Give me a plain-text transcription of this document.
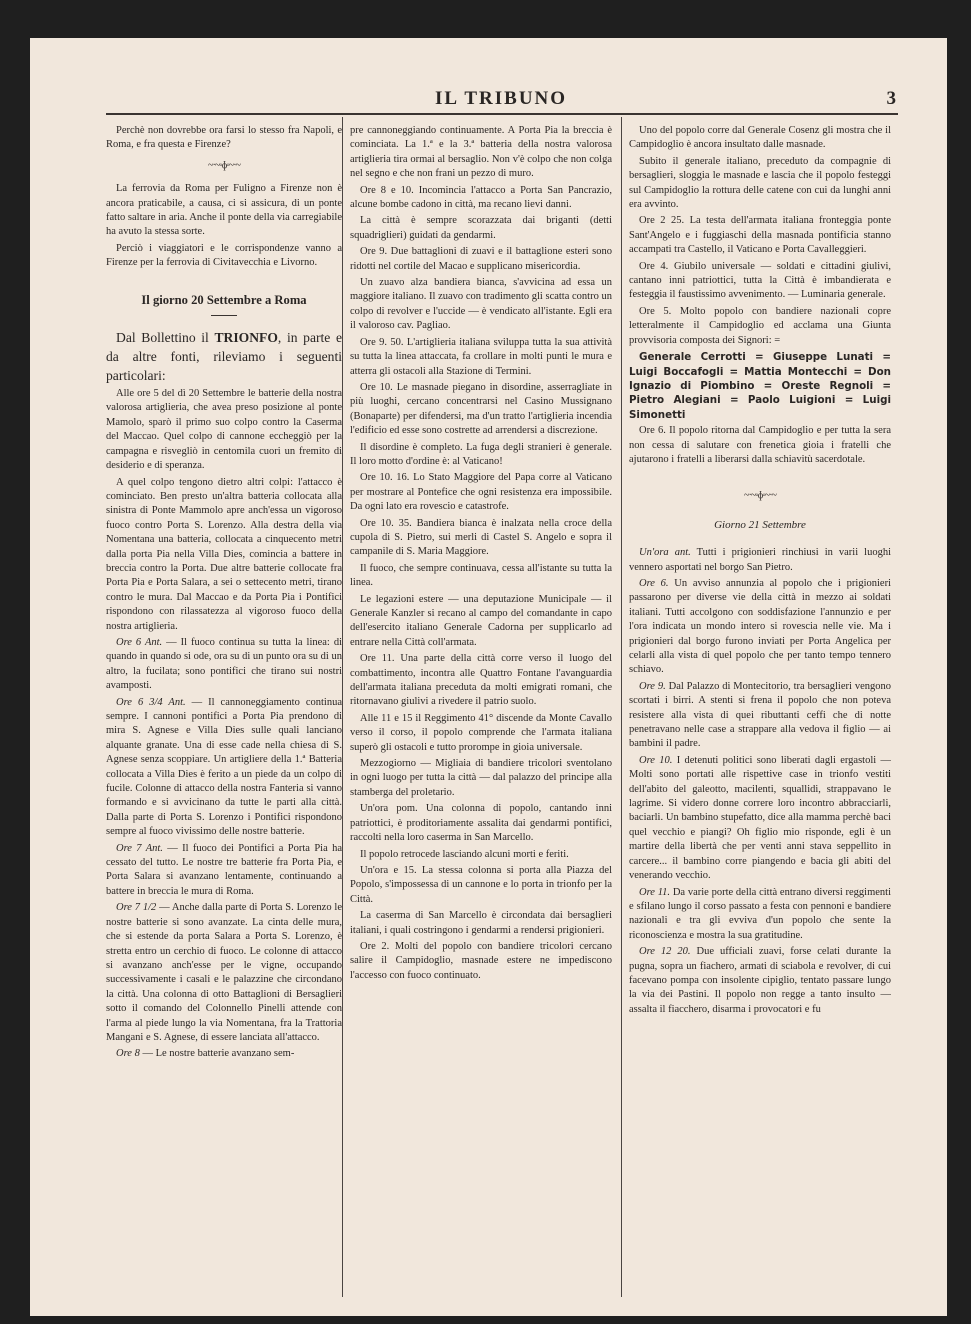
IL TRIBUNO	3

Perchè non dovrebbe ora farsi lo stesso fra Napoli, e Roma, e fra questa e Firenze?

~·~◦ɸ◦~·~

La ferrovia da Roma per Fuligno a Firenze non è ancora praticabile, a causa, ci si assicura, di un ponte fatto saltare in aria. Anche il ponte della via carregiabile ha avuto la stessa sorte.

Perciò i viaggiatori e le corrispondenze vanno a Firenze per la ferrovia di Civitavecchia e Livorno.

Il giorno 20 Settembre a Roma

Dal Bollettino il TRIONFO, in parte e da altre fonti, rileviamo i seguenti particolari:

Alle ore 5 del dì 20 Settembre le batterie della nostra valorosa artiglieria, che avea preso posizione al ponte Mamolo, sparò il primo suo colpo contro la Caserma del Maccao. Quel colpo di cannone eccheggiò per la campagna e risvegliò in centomila cuori un fremito di desiderio e di speranza.

A quel colpo tengono dietro altri colpi: l'attacco è cominciato. Ben presto un'altra batteria collocata alla sinistra di Ponte Mammolo apre anch'essa un vigoroso fuoco contro Porta S. Lorenzo. Alla destra della via Nomentana una batteria, collocata a cinquecento metri dalla porta Pia nella Villa Dies, comincia a battere in breccia contro la Porta. Due altre batterie collocate fra Porta Pia e Porta Salara, a sei o settecento metri, tirano contro le mura. Dal Maccao e da Porta Pia i Pontifici rispondono con rilassatezza al vigoroso fuoco della nostra artiglieria.

Ore 6 Ant. — Il fuoco continua su tutta la linea: di quando in quando si ode, ora su di un punto ora su di un altro, la fucilata; sono pontifici che tirano sui nostri avamposti.

Ore 6 3/4 Ant. — Il cannoneggiamento continua sempre. I cannoni pontifici a Porta Pia prendono di mira S. Agnese e Villa Dies sulle quali lanciano alquante granate. Una di esse cade nella chiesa di S. Agnese senza scoppiare. Un artigliere della 1.ª Batteria collocata a Villa Dies è ferito a un piede da un colpo di fucile. Colonne di attacco della nostra Fanteria si vanno formando e si avvicinano da tutte le parti alla città. Dalla parte di Porta S. Lorenzo i Pontifici rispondono sempre al fuoco vivissimo delle nostre batterie.

Ore 7 Ant. — Il fuoco dei Pontifici a Porta Pia ha cessato del tutto. Le nostre tre batterie fra Porta Pia, e Porta Salara si avanzano lentamente, continuando a battere in breccia le mura di Roma.

Ore 7 1/2 — Anche dalla parte di Porta S. Lorenzo le nostre batterie si sono avanzate. La cinta delle mura, che si estende da porta Salara a Porta S. Lorenzo, è stretta entro un cerchio di fuoco. Le colonne di attacco si avanzano anch'esse per le vigne, occupando successivamente i casali e le palazzine che circondano la città. Una colonna di otto Battaglioni di Bersaglieri sotto il comando del Colonnello Pinelli attende con l'arma al piede lungo la via Nomentana, fra la Trattoria Mangani e S. Agnese, di essere lanciata all'attacco.

Ore 8 — Le nostre batterie avanzano sem-

pre cannoneggiando continuamente. A Porta Pia la breccia è cominciata. La 1.ª e la 3.ª batteria della nostra valorosa artiglieria tira ormai al bersaglio. Non v'è colpo che non colga nel segno e che non frani un pezzo di muro.

Ore 8 e 10. Incomincia l'attacco a Porta San Pancrazio, alcune bombe cadono in città, ma recano lievi danni.

La città è sempre scorazzata dai briganti (detti squadriglieri) guidati da gendarmi.

Ore 9. Due battaglioni di zuavi e il battaglione esteri sono ridotti nel cortile del Macao e supplicano misericordia.

Un zuavo alza bandiera bianca, s'avvicina ad essa un maggiore italiano. Il zuavo con tradimento gli scatta contro un colpo di revolver e l'uccide — è vendicato all'istante. Egli era il valoroso cav. Pagliao.

Ore 9. 50. L'artiglieria italiana sviluppa tutta la sua attività su tutta la linea attaccata, fa crollare in molti punti le mura e atterra gli ostacoli alla Stazione di Termini.

Ore 10. Le masnade piegano in disordine, asserragliate in più luoghi, cercano concentrarsi nel Casino Mussignano (Bonaparte) per difendersi, ma d'un tratto l'artiglieria incendia l'edificio ed esse sono costrette ad arrendersi a discrezione.

Il disordine è completo. La fuga degli stranieri è generale. Il loro motto d'ordine è: al Vaticano!

Ore 10. 16. Lo Stato Maggiore del Papa corre al Vaticano per mostrare al Pontefice che ogni resistenza era impossibile. Da ogni lato era rovescio e catastrofe.

Ore 10. 35. Bandiera bianca è inalzata nella croce della cupola di S. Pietro, sui merli di Castel S. Angelo e sopra il campanile di S. Maria Maggiore.

Il fuoco, che sempre continuava, cessa all'istante su tutta la linea.

Le legazioni estere — una deputazione Municipale — il Generale Kanzler si recano al campo del comandante in capo dell'esercito italiano Generale Cadorna per supplicarlo ad entrare nella Città coll'armata.

Ore 11. Una parte della città corre verso il luogo del combattimento, incontra alle Quattro Fontane l'avanguardia dell'armata italiana preceduta da molti emigrati romani, che ritornavano giulivi a rivedere il patrio suolo.

Alle 11 e 15 il Reggimento 41° discende da Monte Cavallo verso il corso, il popolo comprende che l'armata italiana superò gli ostacoli e tutto prorompe in gioia universale.

Mezzogiorno — Migliaia di bandiere tricolori sventolano in ogni luogo per tutta la città — dal palazzo del principe alla stamberga del proletario.

Un'ora pom. Una colonna di popolo, cantando inni patriottici, è proditoriamente assalita dai gendarmi pontifici, raccolti nella loro caserma in San Marcello.

Il popolo retrocede lasciando alcuni morti e feriti.

Un'ora e 15. La stessa colonna si porta alla Piazza del Popolo, s'impossessa di un cannone e lo porta in trionfo per la Città.

La caserma di San Marcello è circondata dai bersaglieri italiani, i quali costringono i gendarmi a rendersi prigionieri.

Ore 2. Molti del popolo con bandiere tricolori cercano salire il Campidoglio, masnade estere ne impediscono l'accesso con fuoco continuato.

Uno del popolo corre dal Generale Cosenz gli mostra che il Campidoglio è ancora insultato dalle masnade.

Subito il generale italiano, preceduto da compagnie di bersaglieri, sloggia le masnade e lascia che il popolo festeggi sul Campidoglio la rottura delle catene con cui da lunghi anni era avvinto.

Ore 2 25. La testa dell'armata italiana fronteggia ponte Sant'Angelo e i fuggiaschi della masnada pontificia stanno accampati tra Castello, il Vaticano e Porta Cavalleggieri.

Ore 4. Giubilo universale — soldati e cittadini giulivi, cantano inni patriottici, tutta la Città è imbandierata e festeggia il faustissimo avvenimento. — Luminaria generale.

Ore 5. Molto popolo con bandiere nazionali copre letteralmente il Campidoglio ed acclama una Giunta provvisoria composta dei Signori: =

Generale Cerrotti = Giuseppe Lunati = Luigi Boccafogli = Mattia Montecchi = Don Ignazio di Piombino = Oreste Regnoli = Pietro Alegiani = Paolo Luigioni = Luigi Simonetti

Ore 6. Il popolo ritorna dal Campidoglio e per tutta la sera non cessa di salutare con frenetica gioia i fratelli che ajutarono i fratelli a liberarsi dalla schiavitù sacerdotale.

~·~◦ɸ◦~·~
Giorno 21 Settembre

Un'ora ant. Tutti i prigionieri rinchiusi in varii luoghi vennero asportati nel borgo San Pietro.

Ore 6. Un avviso annunzia al popolo che i prigionieri passarono per diverse vie della città in mezzo ai soldati italiani. Tutti accolgono con soddisfazione l'annunzio e per l'ora indicata un mondo intero si rovescia nelle vie. Ma i prigionieri dal borgo furono inviati per Porta Angelica per celarli alla vista di quel popolo che per tanto tempo tennero schiavo.

Ore 9. Dal Palazzo di Montecitorio, tra bersaglieri vengono scortati i birri. A stenti si frena il popolo che non poteva resistere alla vista di quei ributtanti ceffi che di notte penetravano nelle case a strappare alla vedova il figlio — ai bambini il padre.

Ore 10. I detenuti politici sono liberati dagli ergastoli — Molti sono portati alle rispettive case in trionfo vestiti dell'abito del galeotto, macilenti, squallidi, strappavano le lagrime. Si videro donne correre loro incontro abbracciarli, baciarli. Un bambino stupefatto, dice alla mamma perchè baci quel vecchio e piangi? Oh figlio mio risponde, egli è un martire della libertà che per venti anni stava seppellito in carcere... il bambino corre piangendo e bacia gli abiti del venerando vecchio.

Ore 11. Da varie porte della città entrano diversi reggimenti e sfilano lungo il corso passato a festa con pennoni e bandiere nazionali e tra gli evviva d'un popolo che sente la riconoscienza e mostra la sua gratitudine.

Ore 12 20. Due ufficiali zuavi, forse celati durante la pugna, sopra un fiachero, armati di sciabola e revolver, di cui facevano pompa con insolente cipiglio, tentato passare lungo la via dei Pastini. Il popolo non regge a tanto insulto — assalta il fiacchero, disarma i provocatori e fu
